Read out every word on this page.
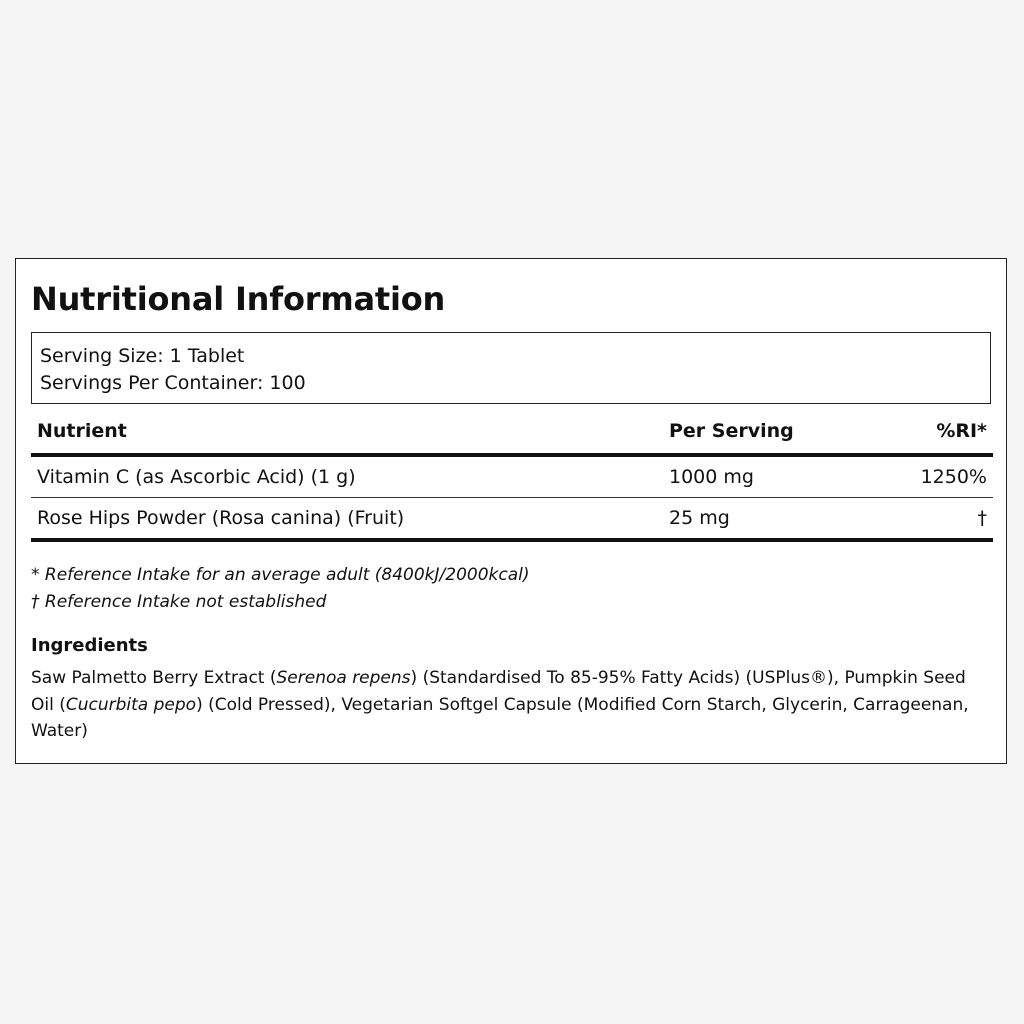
Nutritional Information
Serving Size: 1 Tablet
Servings Per Container: 100
Nutrient	Per Serving	%RI*
Vitamin C (as Ascorbic Acid) (1 g)	1000 mg	1250%
Rose Hips Powder (Rosa canina) (Fruit)	25 mg	†
* Reference Intake for an average adult (8400kJ/2000kcal)
† Reference Intake not established
Ingredients
Saw Palmetto Berry Extract (Serenoa repens) (Standardised To 85-95% Fatty Acids) (USPlus®), Pumpkin Seed Oil (Cucurbita pepo) (Cold Pressed), Vegetarian Softgel Capsule (Modified Corn Starch, Glycerin, Carrageenan, Water)
